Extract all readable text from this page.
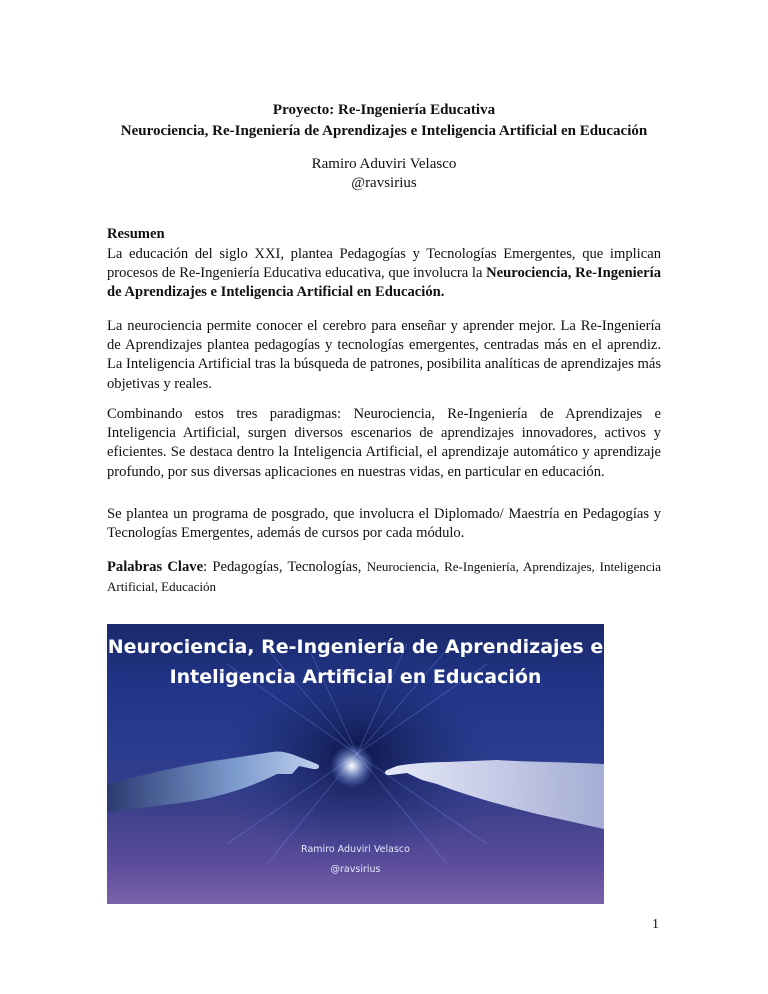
Proyecto: Re-Ingeniería Educativa
Neurociencia, Re-Ingeniería de Aprendizajes e Inteligencia Artificial en Educación
Ramiro Aduviri Velasco
@ravsirius
Resumen
La educación del siglo XXI, plantea Pedagogías y Tecnologías Emergentes, que implican procesos de Re-Ingeniería Educativa educativa, que involucra la Neurociencia, Re-Ingeniería de Aprendizajes e Inteligencia Artificial en Educación.
La neurociencia permite conocer el cerebro para enseñar y aprender mejor. La Re-Ingeniería de Aprendizajes plantea pedagogías y tecnologías emergentes, centradas más en el aprendiz. La Inteligencia Artificial tras la búsqueda de patrones, posibilita analíticas de aprendizajes más objetivas y reales.
Combinando estos tres paradigmas: Neurociencia, Re-Ingeniería de Aprendizajes e Inteligencia Artificial, surgen diversos escenarios de aprendizajes innovadores, activos y eficientes. Se destaca dentro la Inteligencia Artificial, el aprendizaje automático y aprendizaje profundo, por sus diversas aplicaciones en nuestras vidas, en particular en educación.
Se plantea un programa de posgrado, que involucra el Diplomado/ Maestría en Pedagogías y Tecnologías Emergentes, además de cursos por cada módulo.
Palabras Clave: Pedagogías, Tecnologías, Neurociencia, Re-Ingeniería, Aprendizajes, Inteligencia Artificial, Educación
Neurociencia, Re-Ingeniería de Aprendizajes e
Inteligencia Artificial en Educación
Ramiro Aduviri Velasco
@ravsirius
1
